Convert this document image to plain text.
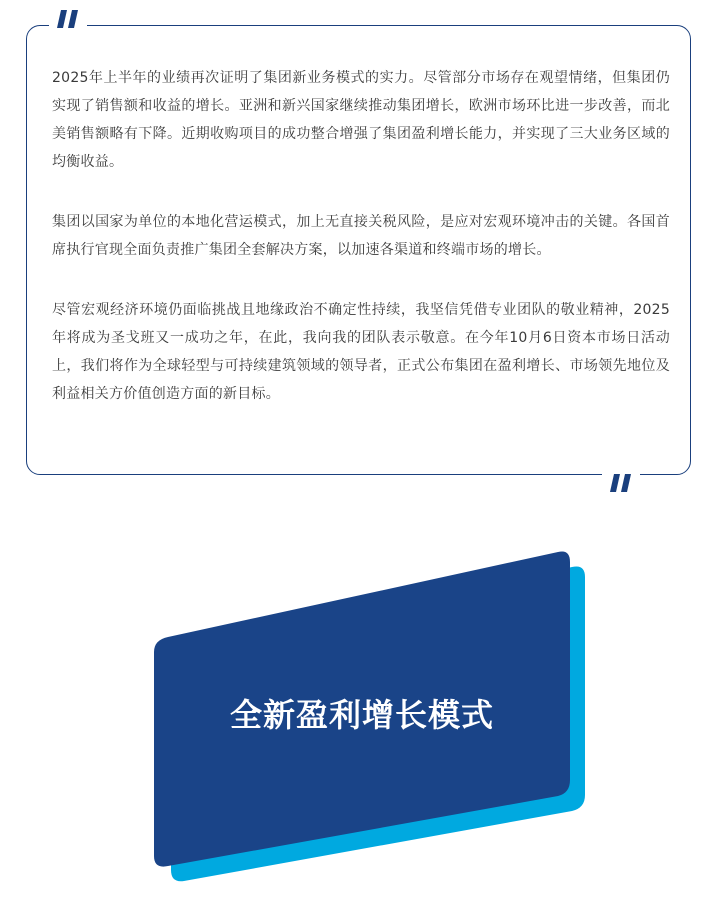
2025年上半年的业绩再次证明了集团新业务模式的实力。尽管部分市场存在观望情绪，但集团仍实现了销售额和收益的增长。亚洲和新兴国家继续推动集团增长，欧洲市场环比进一步改善，而北美销售额略有下降。近期收购项目的成功整合增强了集团盈利增长能力，并实现了三大业务区域的均衡收益。

集团以国家为单位的本地化营运模式，加上无直接关税风险，是应对宏观环境冲击的关键。各国首席执行官现全面负责推广集团全套解决方案，以加速各渠道和终端市场的增长。

尽管宏观经济环境仍面临挑战且地缘政治不确定性持续，我坚信凭借专业团队的敬业精神，2025年将成为圣戈班又一成功之年，在此，我向我的团队表示敬意。在今年10月6日资本市场日活动上，我们将作为全球轻型与可持续建筑领域的领导者，正式公布集团在盈利增长、市场领先地位及利益相关方价值创造方面的新目标。

全新盈利增长模式
